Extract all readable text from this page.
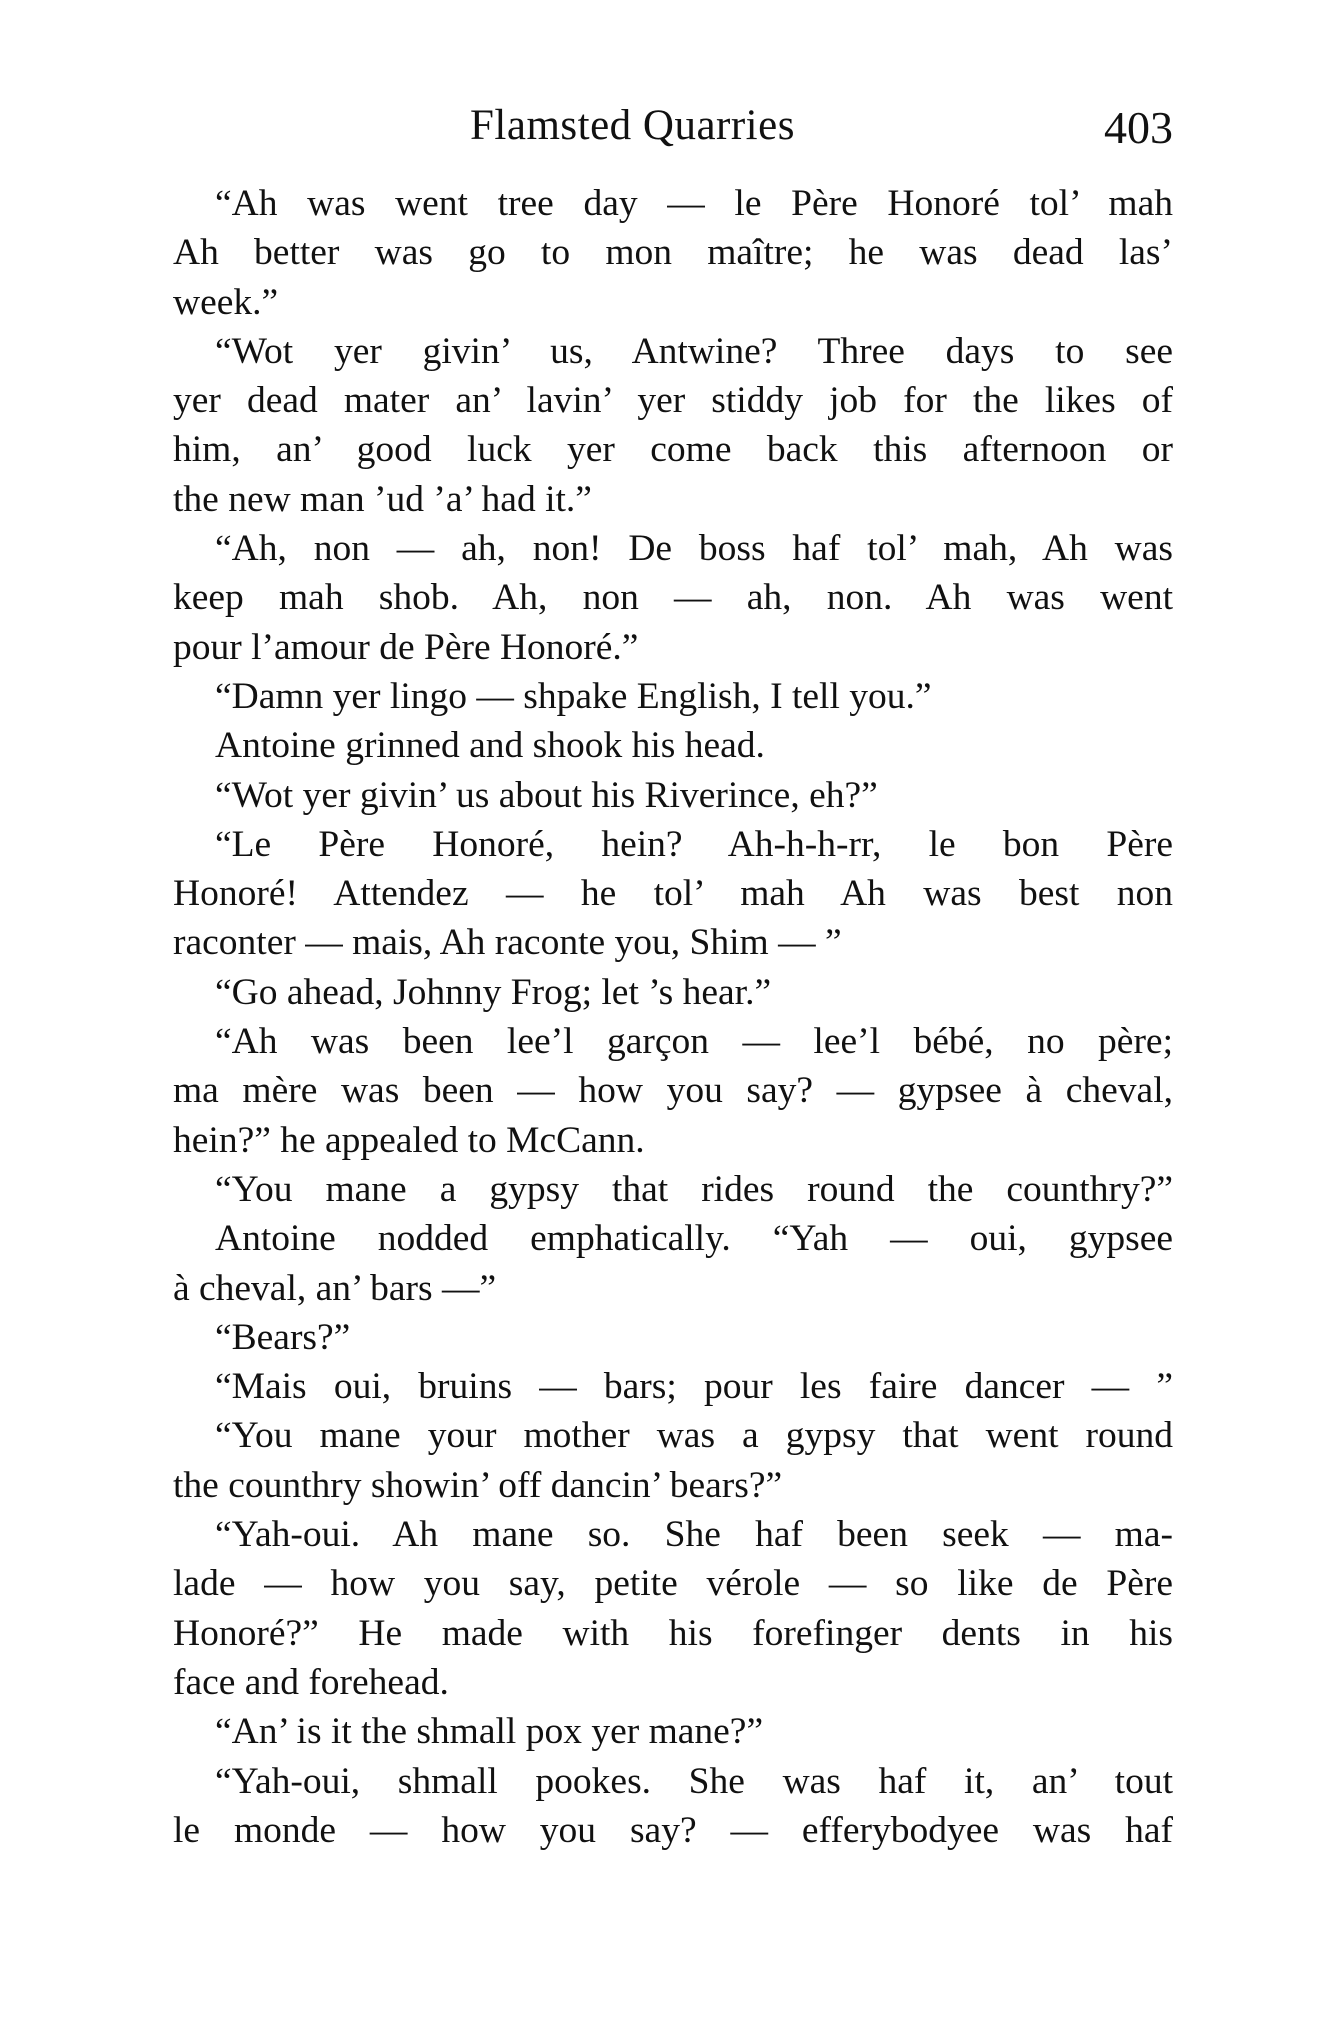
Flamsted Quarries	403
“Ah was went tree day — le Père Honoré tol’ mah
Ah better was go to mon maître; he was dead las’
week.”
“Wot yer givin’ us, Antwine? Three days to see
yer dead mater an’ lavin’ yer stiddy job for the likes of
him, an’ good luck yer come back this afternoon or
the new man ’ud ’a’ had it.”
“Ah, non — ah, non! De boss haf tol’ mah, Ah was
keep mah shob. Ah, non — ah, non. Ah was went
pour l’amour de Père Honoré.”
“Damn yer lingo — shpake English, I tell you.”
Antoine grinned and shook his head.
“Wot yer givin’ us about his Riverince, eh?”
“Le Père Honoré, hein? Ah-h-h-rr, le bon Père
Honoré! Attendez — he tol’ mah Ah was best non
raconter — mais, Ah raconte you, Shim — ”
“Go ahead, Johnny Frog; let ’s hear.”
“Ah was been lee’l garçon — lee’l bébé, no père;
ma mère was been — how you say? — gypsee à cheval,
hein?” he appealed to McCann.
“You mane a gypsy that rides round the counthry?”
Antoine nodded emphatically. “Yah — oui, gypsee
à cheval, an’ bars —”
“Bears?”
“Mais oui, bruins — bars; pour les faire dancer — ”
“You mane your mother was a gypsy that went round
the counthry showin’ off dancin’ bears?”
“Yah-oui. Ah mane so. She haf been seek — ma-
lade — how you say, petite vérole — so like de Père
Honoré?” He made with his forefinger dents in his
face and forehead.
“An’ is it the shmall pox yer mane?”
“Yah-oui, shmall pookes. She was haf it, an’ tout
le monde — how you say? — efferybodyee was haf
